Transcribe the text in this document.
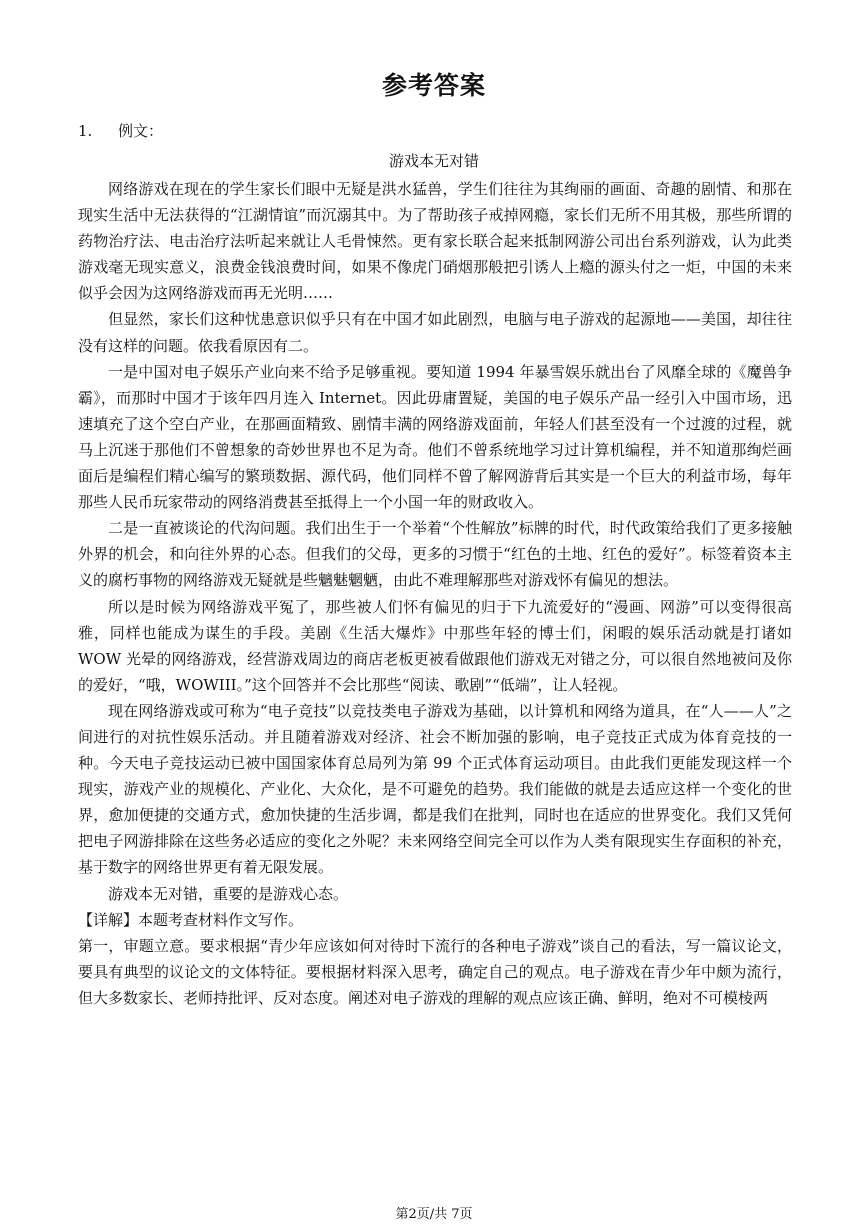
参考答案
1. 例文：
游戏本无对错

网络游戏在现在的学生家长们眼中无疑是洪水猛兽，学生们往往为其绚丽的画面、奇趣的剧情、和那在现实生活中无法获得的“江湖情谊”而沉溺其中。为了帮助孩子戒掉网瘾，家长们无所不用其极，那些所谓的药物治疗法、电击治疗法听起来就让人毛骨悚然。更有家长联合起来抵制网游公司出台系列游戏，认为此类游戏毫无现实意义，浪费金钱浪费时间，如果不像虎门硝烟那般把引诱人上瘾的源头付之一炬，中国的未来似乎会因为这网络游戏而再无光明……

但显然，家长们这种忧患意识似乎只有在中国才如此剧烈，电脑与电子游戏的起源地——美国，却往往没有这样的问题。依我看原因有二。

一是中国对电子娱乐产业向来不给予足够重视。要知道 1994 年暴雪娱乐就出台了风靡全球的《魔兽争霸》，而那时中国才于该年四月连入 Internet。因此毋庸置疑，美国的电子娱乐产品一经引入中国市场，迅速填充了这个空白产业，在那画面精致、剧情丰满的网络游戏面前，年轻人们甚至没有一个过渡的过程，就马上沉迷于那他们不曾想象的奇妙世界也不足为奇。他们不曾系统地学习过计算机编程，并不知道那绚烂画面后是编程们精心编写的繁琐数据、源代码，他们同样不曾了解网游背后其实是一个巨大的利益市场，每年那些人民币玩家带动的网络消费甚至抵得上一个小国一年的财政收入。

二是一直被谈论的代沟问题。我们出生于一个举着“个性解放”标牌的时代，时代政策给我们了更多接触外界的机会，和向往外界的心态。但我们的父母，更多的习惯于“红色的土地、红色的爱好”。标签着资本主义的腐朽事物的网络游戏无疑就是些魑魅魍魉，由此不难理解那些对游戏怀有偏见的想法。

所以是时候为网络游戏平冤了，那些被人们怀有偏见的归于下九流爱好的“漫画、网游”可以变得很高雅，同样也能成为谋生的手段。美剧《生活大爆炸》中那些年轻的博士们，闲暇的娱乐活动就是打诸如 WOW 光晕的网络游戏，经营游戏周边的商店老板更被看做跟他们游戏无对错之分，可以很自然地被问及你的爱好，“哦，WOWIII。”这个回答并不会比那些“阅读、歌剧”“低端”，让人轻视。

现在网络游戏或可称为“电子竞技”以竞技类电子游戏为基础，以计算机和网络为道具，在“人——人”之间进行的对抗性娱乐活动。并且随着游戏对经济、社会不断加强的影响，电子竞技正式成为体育竞技的一种。今天电子竞技运动已被中国国家体育总局列为第 99 个正式体育运动项目。由此我们更能发现这样一个现实，游戏产业的规模化、产业化、大众化，是不可避免的趋势。我们能做的就是去适应这样一个变化的世界，愈加便捷的交通方式，愈加快捷的生活步调，都是我们在批判，同时也在适应的世界变化。我们又凭何把电子网游排除在这些务必适应的变化之外呢？未来网络空间完全可以作为人类有限现实生存面积的补充，基于数字的网络世界更有着无限发展。

游戏本无对错，重要的是游戏心态。

【详解】本题考查材料作文写作。

第一，审题立意。要求根据“青少年应该如何对待时下流行的各种电子游戏”谈自己的看法，写一篇议论文，要具有典型的议论文的文体特征。要根据材料深入思考，确定自己的观点。电子游戏在青少年中颇为流行，但大多数家长、老师持批评、反对态度。阐述对电子游戏的理解的观点应该正确、鲜明，绝对不可模棱两

第2页/共 7页
